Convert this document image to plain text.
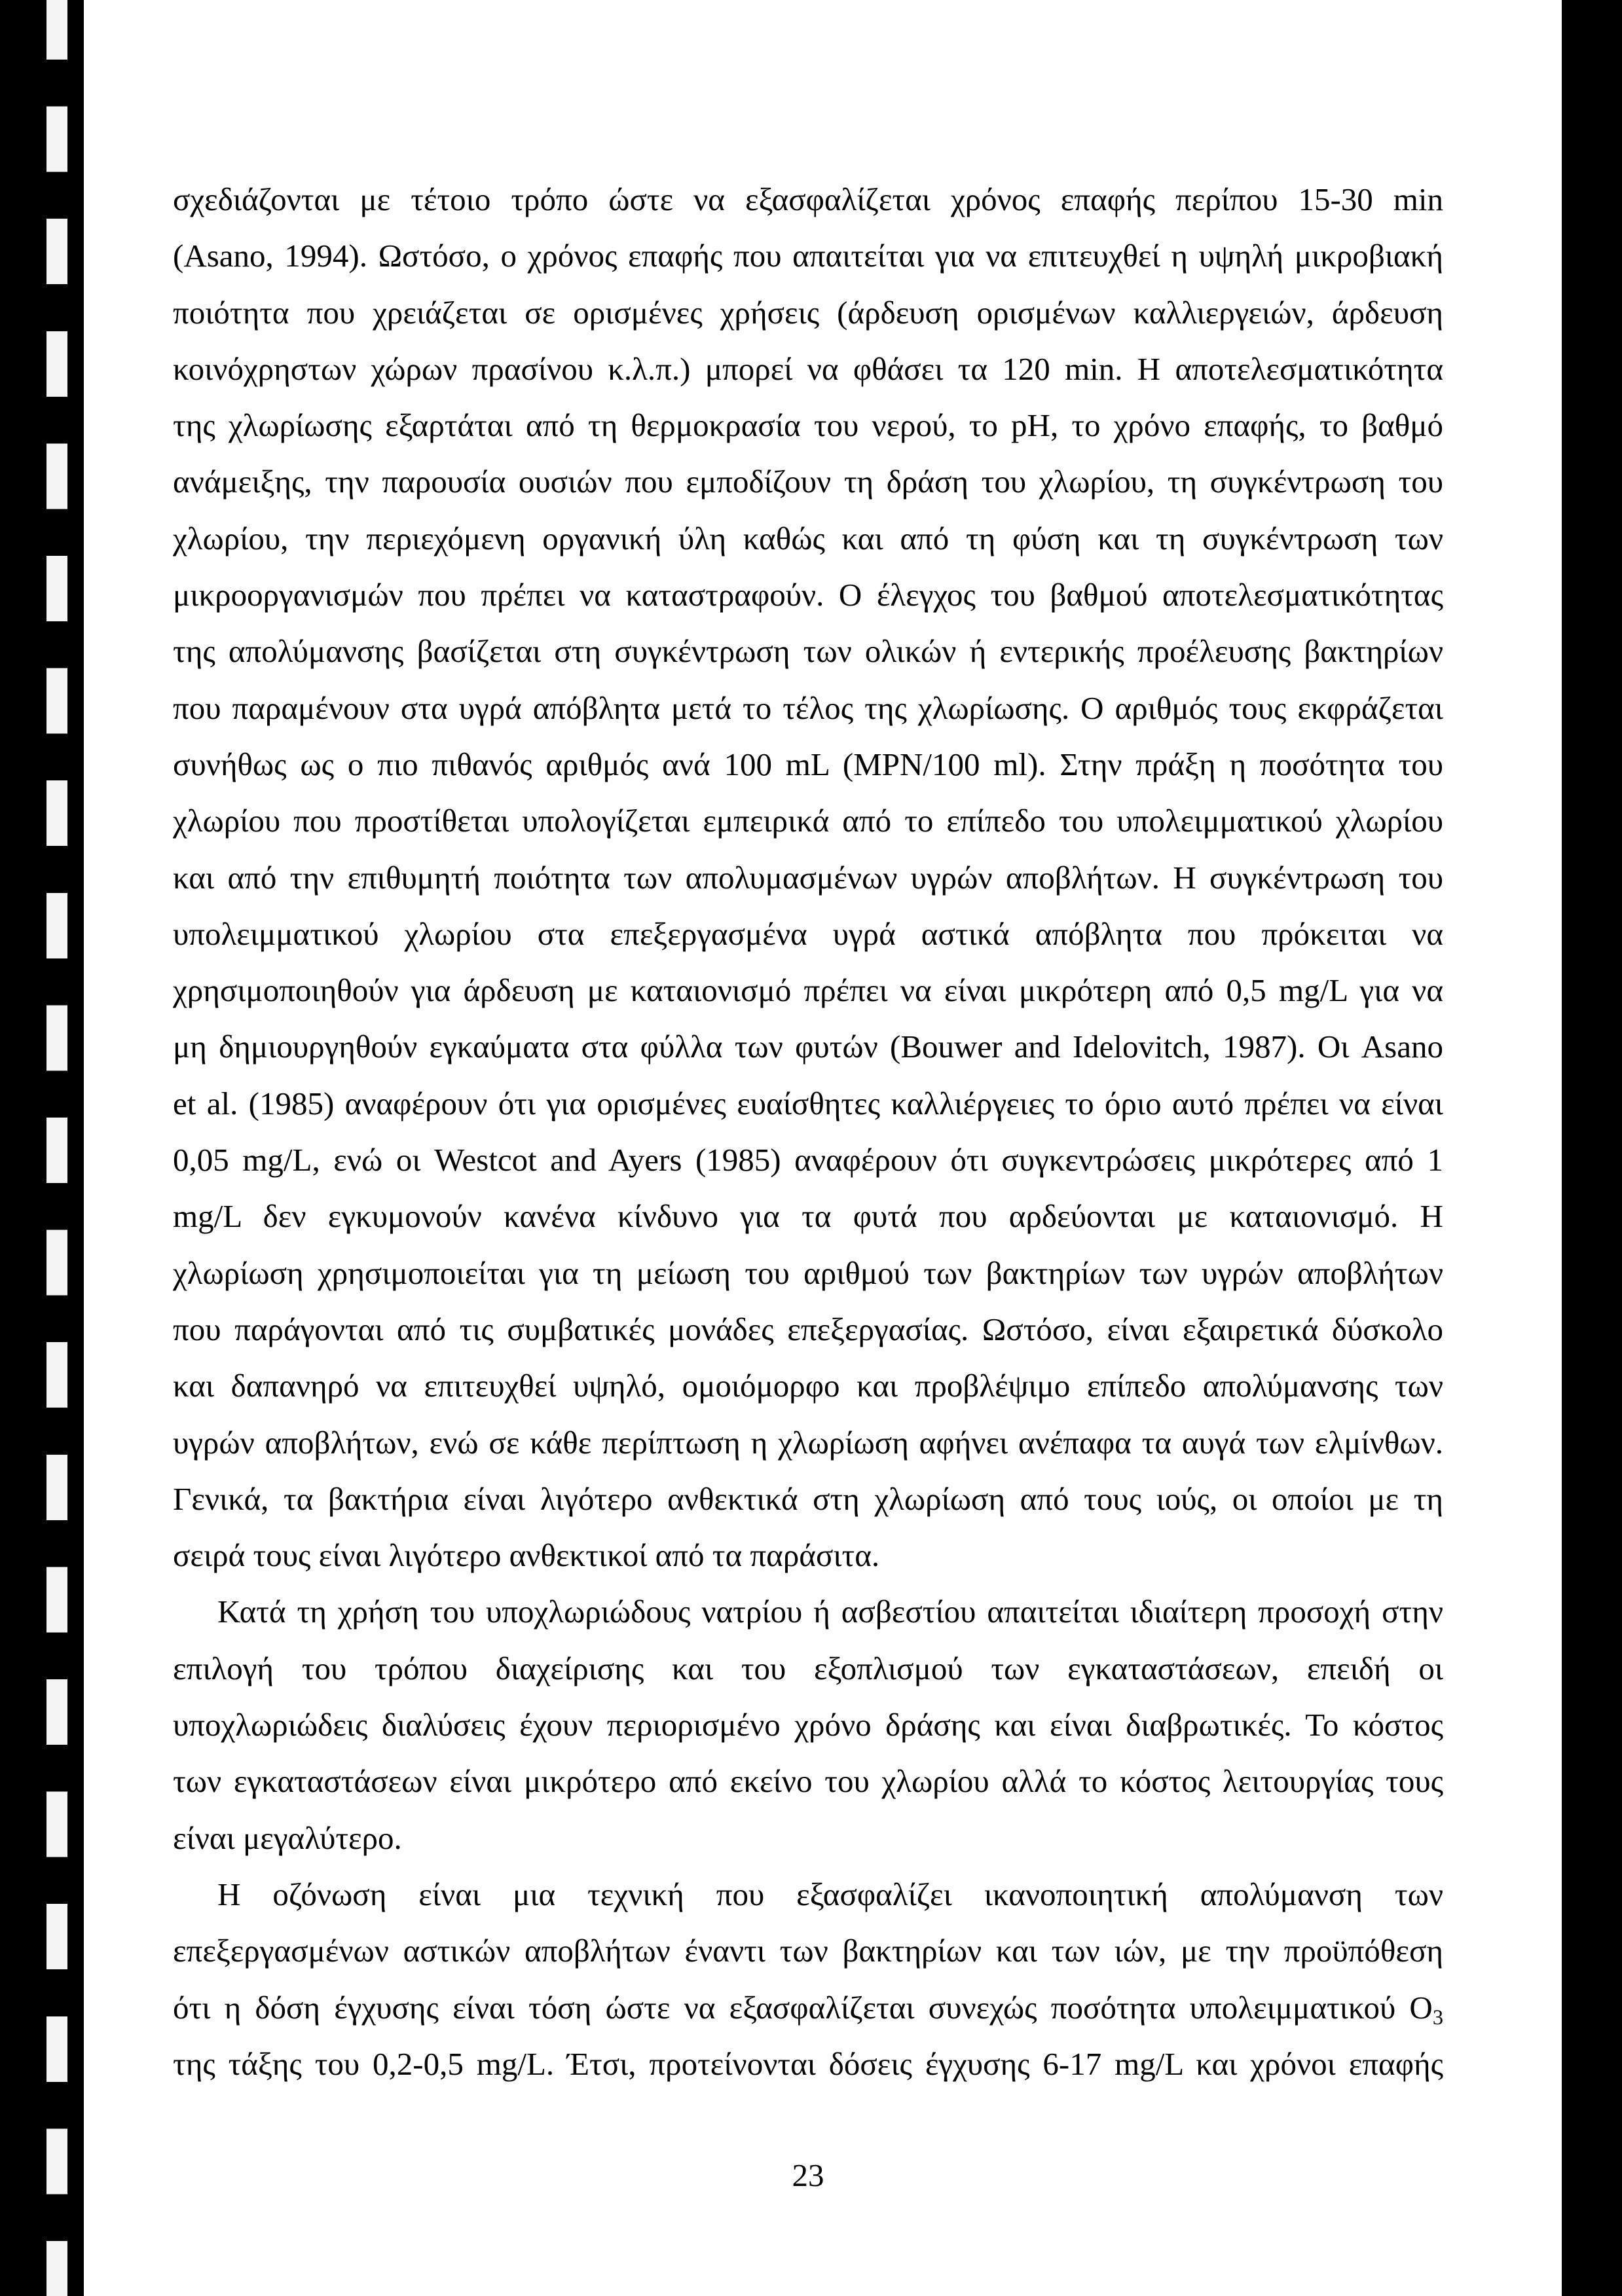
σχεδιάζονται με τέτοιο τρόπο ώστε να εξασφαλίζεται χρόνος επαφής περίπου 15-30 min
(Asano, 1994). Ωστόσο, ο χρόνος επαφής που απαιτείται για να επιτευχθεί η υψηλή μικροβιακή
ποιότητα που χρειάζεται σε ορισμένες χρήσεις (άρδευση ορισμένων καλλιεργειών, άρδευση
κοινόχρηστων χώρων πρασίνου κ.λ.π.) μπορεί να φθάσει τα 120 min. Η αποτελεσματικότητα
της χλωρίωσης εξαρτάται από τη θερμοκρασία του νερού, το pH, το χρόνο επαφής, το βαθμό
ανάμειξης, την παρουσία ουσιών που εμποδίζουν τη δράση του χλωρίου, τη συγκέντρωση του
χλωρίου, την περιεχόμενη οργανική ύλη καθώς και από τη φύση και τη συγκέντρωση των
μικροοργανισμών που πρέπει να καταστραφούν. Ο έλεγχος του βαθμού αποτελεσματικότητας
της απολύμανσης βασίζεται στη συγκέντρωση των ολικών ή εντερικής προέλευσης βακτηρίων
που παραμένουν στα υγρά απόβλητα μετά το τέλος της χλωρίωσης. Ο αριθμός τους εκφράζεται
συνήθως ως ο πιο πιθανός αριθμός ανά 100 mL (MPN/100 ml). Στην πράξη η ποσότητα του
χλωρίου που προστίθεται υπολογίζεται εμπειρικά από το επίπεδο του υπολειμματικού χλωρίου
και από την επιθυμητή ποιότητα των απολυμασμένων υγρών αποβλήτων. Η συγκέντρωση του
υπολειμματικού χλωρίου στα επεξεργασμένα υγρά αστικά απόβλητα που πρόκειται να
χρησιμοποιηθούν για άρδευση με καταιονισμό πρέπει να είναι μικρότερη από 0,5 mg/L για να
μη δημιουργηθούν εγκαύματα στα φύλλα των φυτών (Bouwer and Idelovitch, 1987). Οι Asano
et al. (1985) αναφέρουν ότι για ορισμένες ευαίσθητες καλλιέργειες το όριο αυτό πρέπει να είναι
0,05 mg/L, ενώ οι Westcot and Ayers (1985) αναφέρουν ότι συγκεντρώσεις μικρότερες από 1
mg/L δεν εγκυμονούν κανένα κίνδυνο για τα φυτά που αρδεύονται με καταιονισμό. Η
χλωρίωση χρησιμοποιείται για τη μείωση του αριθμού των βακτηρίων των υγρών αποβλήτων
που παράγονται από τις συμβατικές μονάδες επεξεργασίας. Ωστόσο, είναι εξαιρετικά δύσκολο
και δαπανηρό να επιτευχθεί υψηλό, ομοιόμορφο και προβλέψιμο επίπεδο απολύμανσης των
υγρών αποβλήτων, ενώ σε κάθε περίπτωση η χλωρίωση αφήνει ανέπαφα τα αυγά των ελμίνθων.
Γενικά, τα βακτήρια είναι λιγότερο ανθεκτικά στη χλωρίωση από τους ιούς, οι οποίοι με τη
σειρά τους είναι λιγότερο ανθεκτικοί από τα παράσιτα.
Κατά τη χρήση του υποχλωριώδους νατρίου ή ασβεστίου απαιτείται ιδιαίτερη προσοχή στην
επιλογή του τρόπου διαχείρισης και του εξοπλισμού των εγκαταστάσεων, επειδή οι
υποχλωριώδεις διαλύσεις έχουν περιορισμένο χρόνο δράσης και είναι διαβρωτικές. Το κόστος
των εγκαταστάσεων είναι μικρότερο από εκείνο του χλωρίου αλλά το κόστος λειτουργίας τους
είναι μεγαλύτερο.
Η οζόνωση είναι μια τεχνική που εξασφαλίζει ικανοποιητική απολύμανση των
επεξεργασμένων αστικών αποβλήτων έναντι των βακτηρίων και των ιών, με την προϋπόθεση
ότι η δόση έγχυσης είναι τόση ώστε να εξασφαλίζεται συνεχώς ποσότητα υπολειμματικού $O_3$
της τάξης του 0,2-0,5 mg/L. Έτσι, προτείνονται δόσεις έγχυσης 6-17 mg/L και χρόνοι επαφής
23
